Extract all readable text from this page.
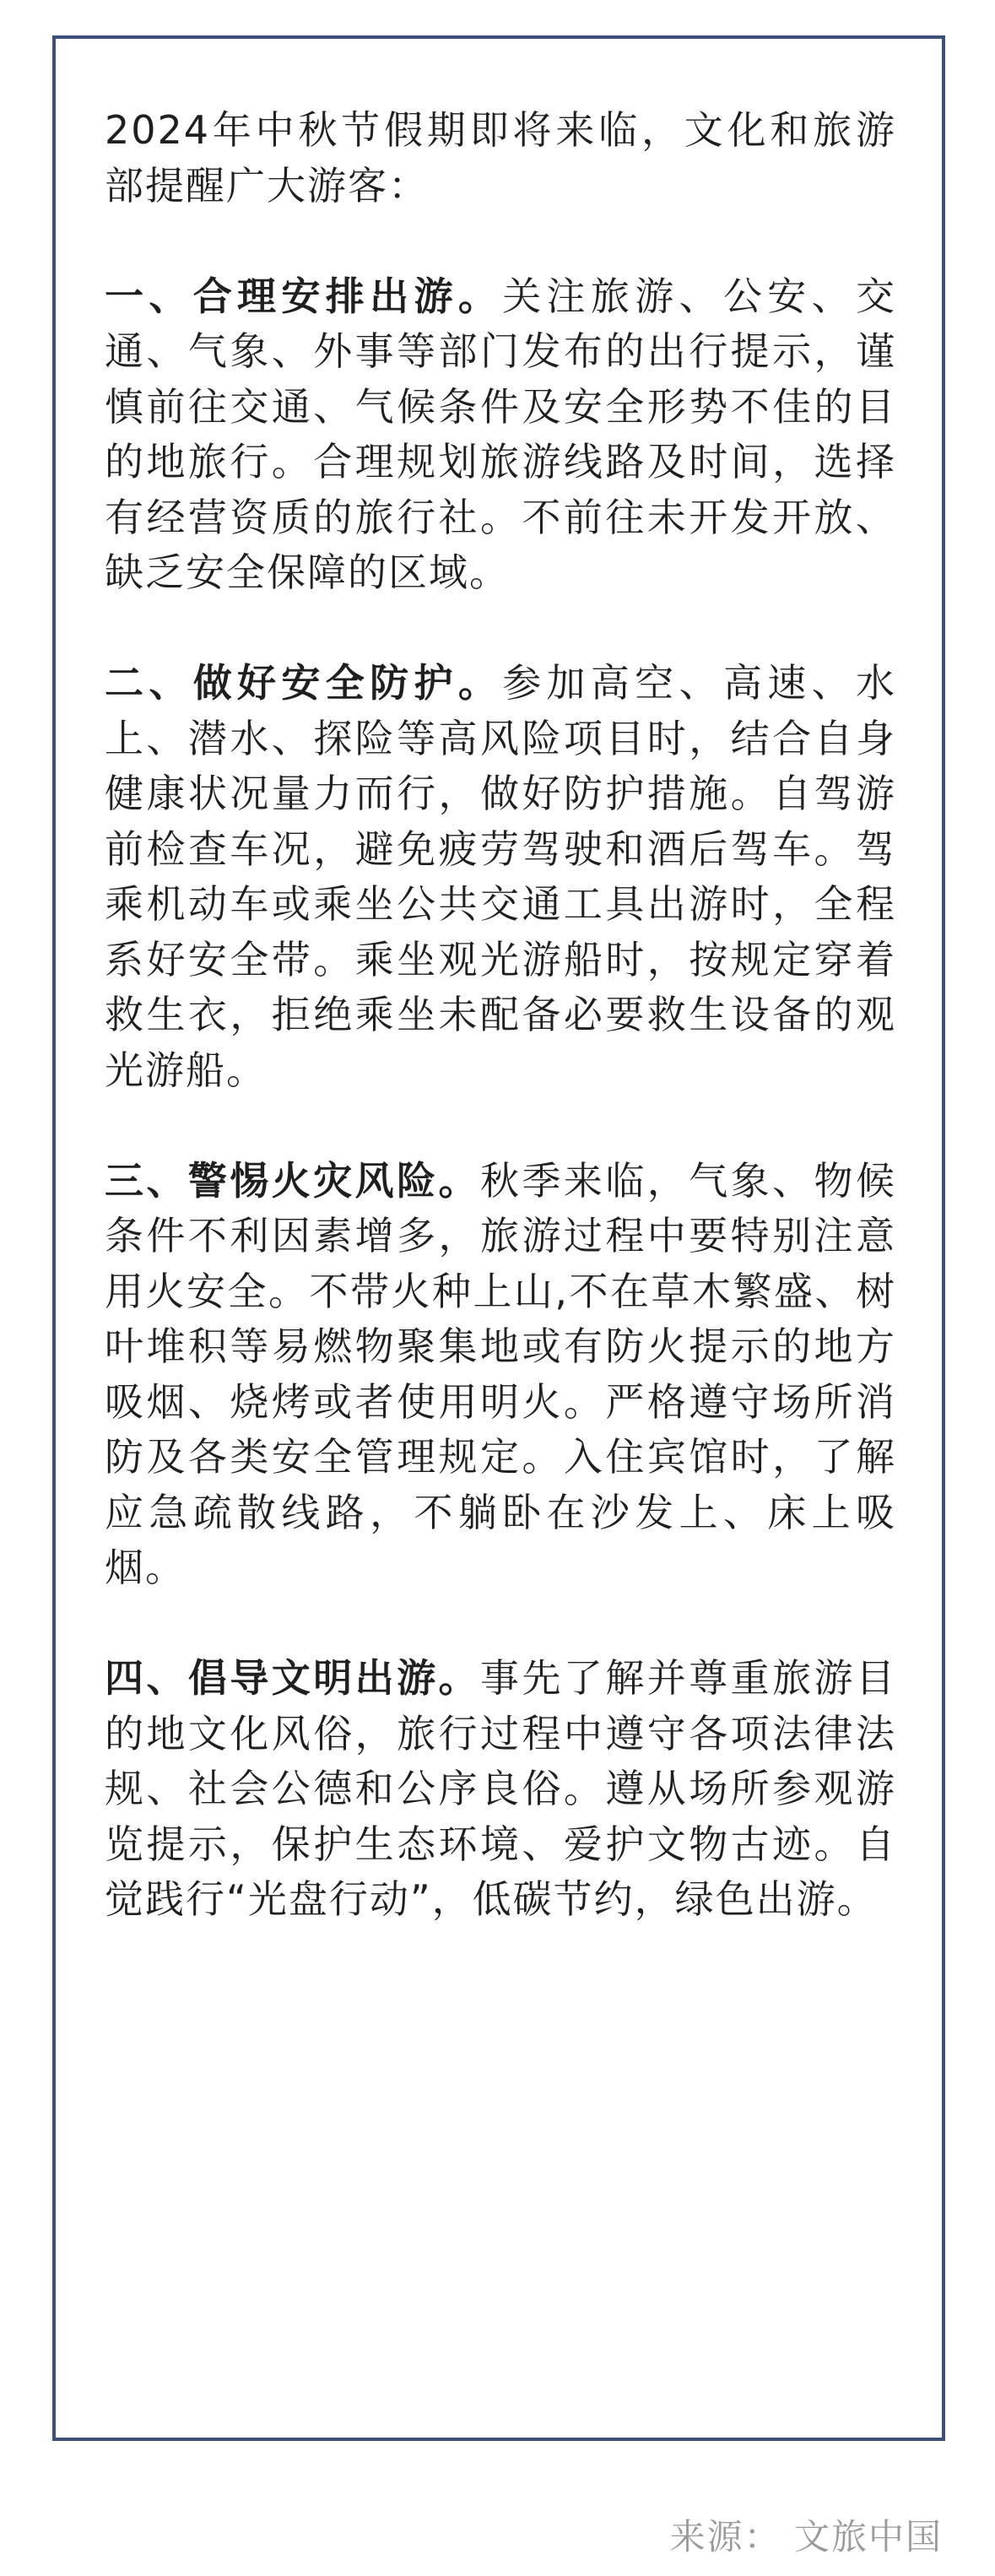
2024年中秋节假期即将来临，文化和旅游部提醒广大游客：

一、合理安排出游。关注旅游、公安、交通、气象、外事等部门发布的出行提示，谨慎前往交通、气候条件及安全形势不佳的目的地旅行。合理规划旅游线路及时间，选择有经营资质的旅行社。不前往未开发开放、缺乏安全保障的区域。

二、做好安全防护。参加高空、高速、水上、潜水、探险等高风险项目时，结合自身健康状况量力而行，做好防护措施。自驾游前检查车况，避免疲劳驾驶和酒后驾车。驾乘机动车或乘坐公共交通工具出游时，全程系好安全带。乘坐观光游船时，按规定穿着救生衣，拒绝乘坐未配备必要救生设备的观光游船。

三、警惕火灾风险。秋季来临，气象、物候条件不利因素增多，旅游过程中要特别注意用火安全。不带火种上山,不在草木繁盛、树叶堆积等易燃物聚集地或有防火提示的地方吸烟、烧烤或者使用明火。严格遵守场所消防及各类安全管理规定。入住宾馆时，了解应急疏散线路，不躺卧在沙发上、床上吸烟。

四、倡导文明出游。事先了解并尊重旅游目的地文化风俗，旅行过程中遵守各项法律法规、社会公德和公序良俗。遵从场所参观游览提示，保护生态环境、爱护文物古迹。自觉践行“光盘行动”，低碳节约，绿色出游。

来源： 文旅中国
